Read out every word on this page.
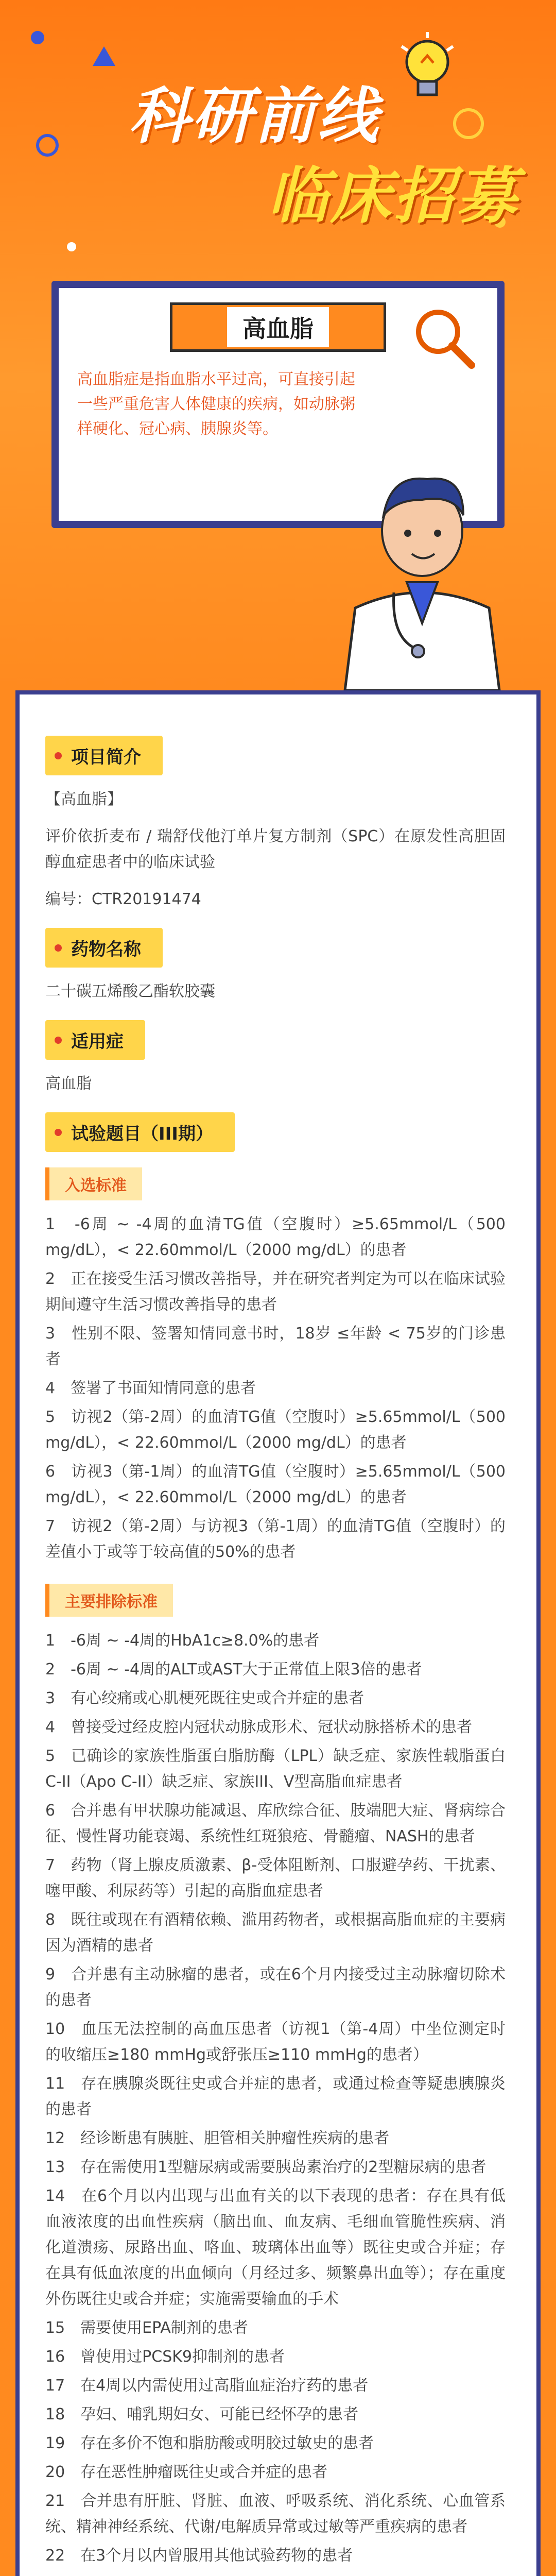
科研前线
临床招募
高血脂
高血脂症是指血脂水平过高，可直接引起一些严重危害人体健康的疾病，如动脉粥样硬化、冠心病、胰腺炎等。
项目简介

【高血脂】

评价依折麦布 / 瑞舒伐他汀单片复方制剂（SPC）在原发性高胆固醇血症患者中的临床试验

编号：CTR20191474

药物名称

二十碳五烯酸乙酯软胶囊

适用症

高血脂

试验题目（III期）
入选标准
1　-6周 ~ -4周的血清TG值（空腹时）≥5.65mmol/L（500 mg/dL），< 22.60mmol/L（2000 mg/dL）的患者
2　正在接受生活习惯改善指导，并在研究者判定为可以在临床试验期间遵守生活习惯改善指导的患者
3　性别不限、签署知情同意书时，18岁 ≤年龄 < 75岁的门诊患者
4　签署了书面知情同意的患者
5　访视2（第-2周）的血清TG值（空腹时）≥5.65mmol/L（500 mg/dL），< 22.60mmol/L（2000 mg/dL）的患者
6　访视3（第-1周）的血清TG值（空腹时）≥5.65mmol/L（500 mg/dL），< 22.60mmol/L（2000 mg/dL）的患者
7　访视2（第-2周）与访视3（第-1周）的血清TG值（空腹时）的差值小于或等于较高值的50%的患者
主要排除标准
1　-6周 ~ -4周的HbA1c≥8.0%的患者
2　-6周 ~ -4周的ALT或AST大于正常值上限3倍的患者
3　有心绞痛或心肌梗死既往史或合并症的患者
4　曾接受过经皮腔内冠状动脉成形术、冠状动脉搭桥术的患者
5　已确诊的家族性脂蛋白脂肪酶（LPL）缺乏症、家族性载脂蛋白C-II（Apo C-II）缺乏症、家族III、V型高脂血症患者
6　合并患有甲状腺功能减退、库欣综合征、肢端肥大症、肾病综合征、慢性肾功能衰竭、系统性红斑狼疮、骨髓瘤、NASH的患者
7　药物（肾上腺皮质激素、β-受体阻断剂、口服避孕药、干扰素、噻甲酸、利尿药等）引起的高脂血症患者
8　既往或现在有酒精依赖、滥用药物者，或根据高脂血症的主要病因为酒精的患者
9　合并患有主动脉瘤的患者，或在6个月内接受过主动脉瘤切除术的患者
10　血压无法控制的高血压患者（访视1（第-4周）中坐位测定时的收缩压≥180 mmHg或舒张压≥110 mmHg的患者）
11　存在胰腺炎既往史或合并症的患者，或通过检查等疑患胰腺炎的患者
12　经诊断患有胰脏、胆管相关肿瘤性疾病的患者
13　存在需使用1型糖尿病或需要胰岛素治疗的2型糖尿病的患者
14　在6个月以内出现与出血有关的以下表现的患者：存在具有低血液浓度的出血性疾病（脑出血、血友病、毛细血管脆性疾病、消化道溃疡、尿路出血、咯血、玻璃体出血等）既往史或合并症；存在具有低血浓度的出血倾向（月经过多、频繁鼻出血等）；存在重度外伤既往史或合并症；实施需要输血的手术
15　需要使用EPA制剂的患者
16　曾使用过PCSK9抑制剂的患者
17　在4周以内需使用过高脂血症治疗药的患者
18　孕妇、哺乳期妇女、可能已经怀孕的患者
19　存在多价不饱和脂肪酸或明胶过敏史的患者
20　存在恶性肿瘤既往史或合并症的患者
21　合并患有肝脏、肾脏、血液、呼吸系统、消化系统、心血管系统、精神神经系统、代谢/电解质异常或过敏等严重疾病的患者
22　在3个月以内曾服用其他试验药物的患者
